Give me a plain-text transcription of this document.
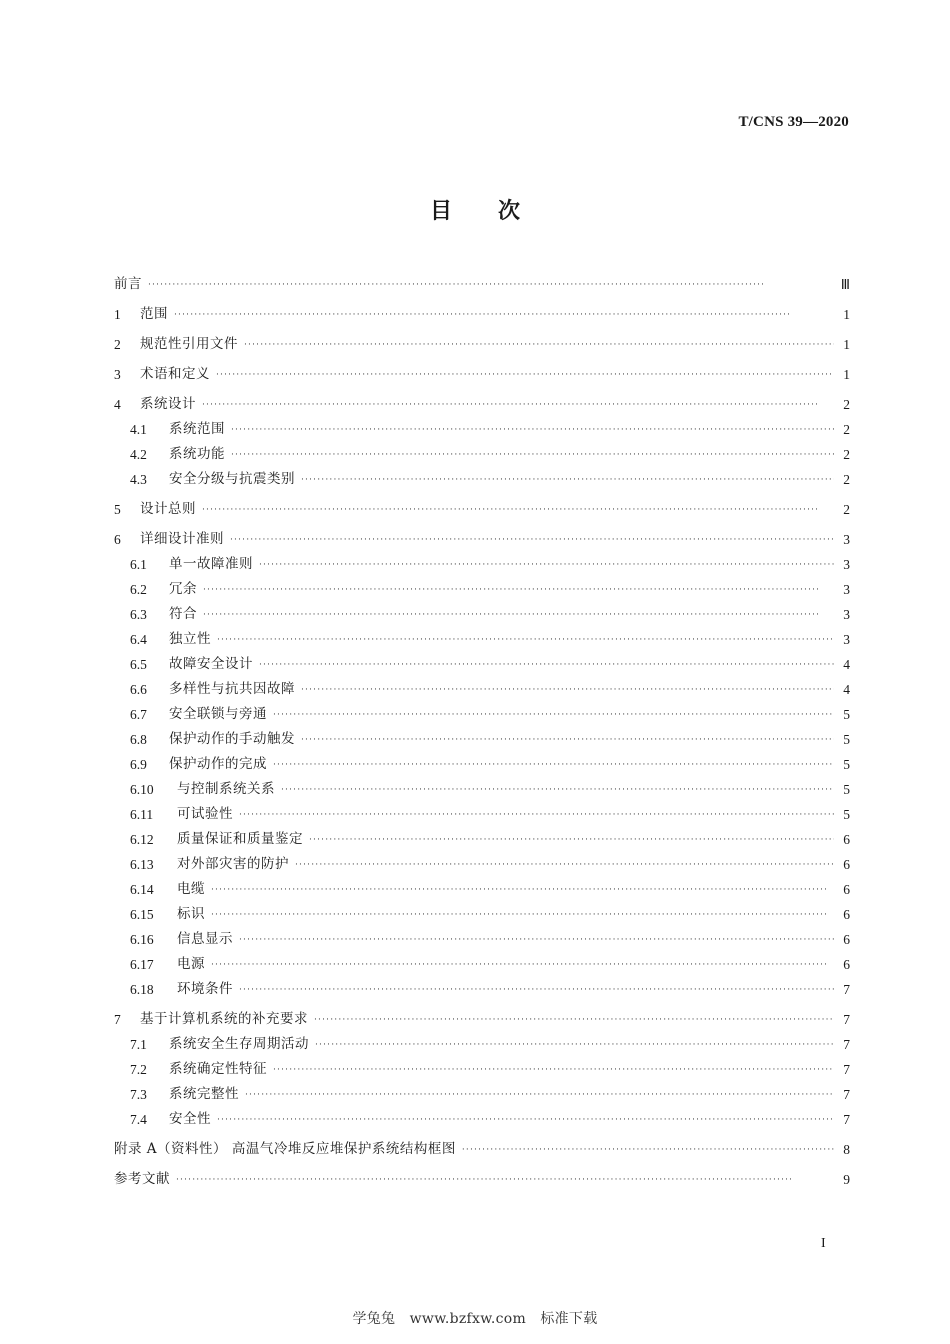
T/CNS 39—2020
目 次
前言 ·····	Ⅲ
1	范围 ·····	1
2	规范性引用文件 ·····	1
3	术语和定义 ·····	1
4	系统设计 ·····	2
4.1	系统范围 ·····	2
4.2	系统功能 ·····	2
4.3	安全分级与抗震类别 ·····	2
5	设计总则 ·····	2
6	详细设计准则 ·····	3
6.1	单一故障准则 ·····	3
6.2	冗余 ·····	3
6.3	符合 ·····	3
6.4	独立性 ·····	3
6.5	故障安全设计 ·····	4
6.6	多样性与抗共因故障 ·····	4
6.7	安全联锁与旁通 ·····	5
6.8	保护动作的手动触发 ·····	5
6.9	保护动作的完成 ·····	5
6.10	与控制系统关系 ·····	5
6.11	可试验性 ·····	5
6.12	质量保证和质量鉴定 ·····	6
6.13	对外部灾害的防护 ·····	6
6.14	电缆 ·····	6
6.15	标识 ·····	6
6.16	信息显示 ·····	6
6.17	电源 ·····	6
6.18	环境条件 ·····	7
7	基于计算机系统的补充要求 ·····	7
7.1	系统安全生存周期活动 ·····	7
7.2	系统确定性特征 ·····	7
7.3	系统完整性 ·····	7
7.4	安全性 ·····	7
附录 A（资料性） 高温气冷堆反应堆保护系统结构框图 ·····	8
参考文献 ·····	9
I
学兔兔　www.bzfxw.com　标准下载
